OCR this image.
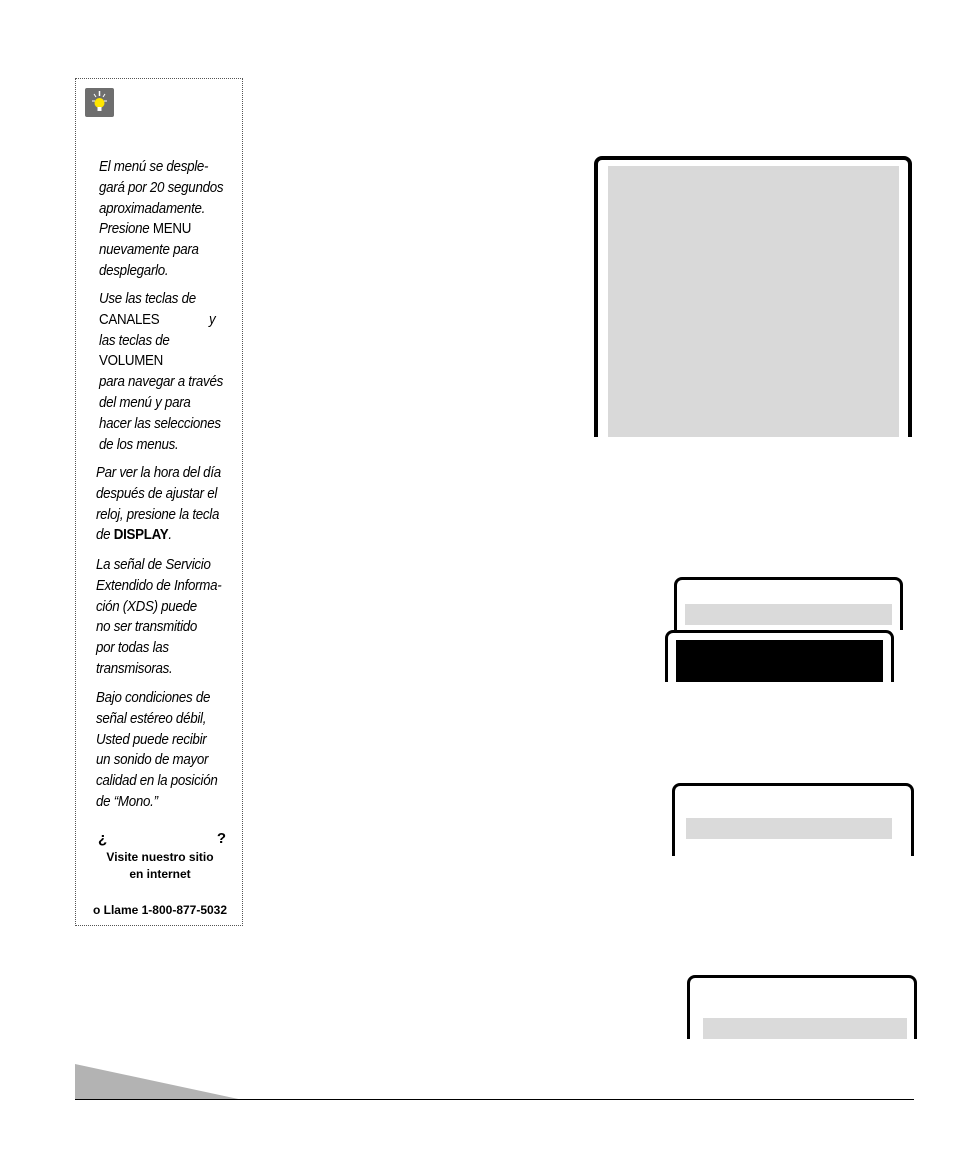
El menú se desple-
gará por 20 segundos
aproximadamente.
Presione MENU
nuevamente para
desplegarlo.
Use las teclas de
CANALES	y
las teclas de
VOLUMEN
para navegar a través
del menú y para
hacer las selecciones
de los menus.
Par ver la hora del día
después de ajustar el
reloj, presione la tecla
de DISPLAY.
La señal de Servicio
Extendido de Informa-
ción (XDS) puede
no ser transmitido
por todas las
transmisoras.
Bajo condiciones de
señal estéreo débil,
Usted puede recibir
un sonido de mayor
calidad en la posición
de “Mono.”
¿	?
Visite nuestro sitio
en internet
o Llame 1-800-877-5032
